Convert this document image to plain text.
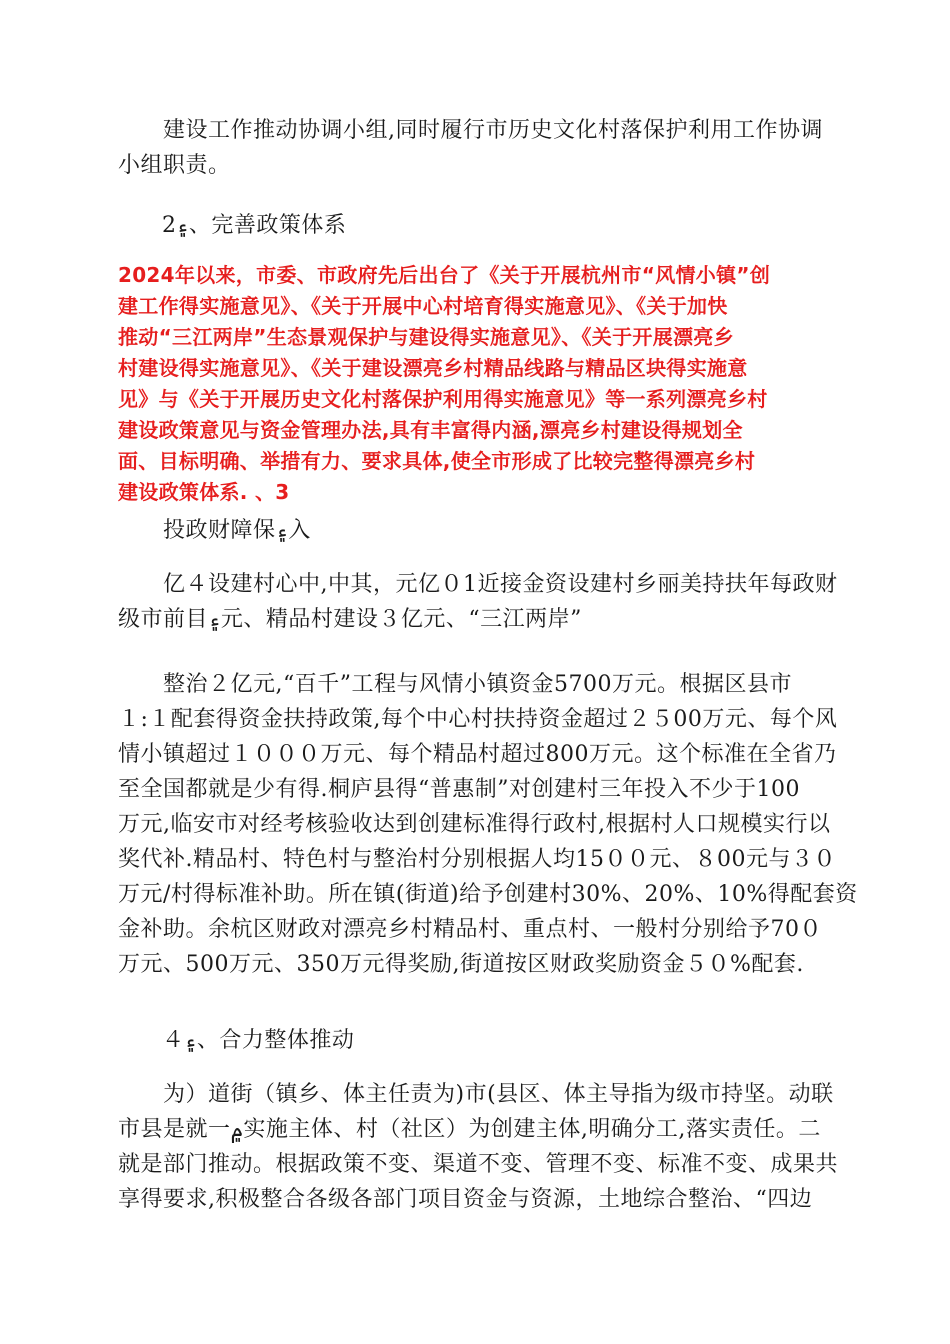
　　建设工作推动协调小组,同时履行市历史文化村落保护利用工作协调
小组职责。
　　2۽、完善政策体系
2024年以来，市委、市政府先后出台了《关于开展杭州市“风情小镇”创
建工作得实施意见》、《关于开展中心村培育得实施意见》、《关于加快
推动“三江两岸”生态景观保护与建设得实施意见》、《关于开展漂亮乡
村建设得实施意见》、《关于建设漂亮乡村精品线路与精品区块得实施意
见》与《关于开展历史文化村落保护利用得实施意见》等一系列漂亮乡村
建设政策意见与资金管理办法,具有丰富得内涵,漂亮乡村建设得规划全
面、目标明确、举措有力、要求具体,使全市形成了比较完整得漂亮乡村
建设政策体系. 、3
　　投政财障保۽入
　　亿４设建村心中,中其，元亿０1近接金资设建村乡丽美持扶年每政财
级市前目۽元、精品村建设３亿元、“三江两岸”
　　整治２亿元,“百千”工程与风情小镇资金5700万元。根据区县市
１:１配套得资金扶持政策,每个中心村扶持资金超过２５00万元、每个风
情小镇超过１０００万元、每个精品村超过800万元。这个标准在全省乃
至全国都就是少有得.桐庐县得“普惠制”对创建村三年投入不少于100
万元,临安市对经考核验收达到创建标准得行政村,根据村人口规模实行以
奖代补.精品村、特色村与整治村分别根据人均15００元、８00元与３０
万元/村得标准补助。所在镇(街道)给予创建村30%、20%、10%得配套资
金补助。余杭区财政对漂亮乡村精品村、重点村、一般村分别给予70０
万元、500万元、350万元得奖励,街道按区财政奖励资金５０%配套.
　　４۽、合力整体推动
　　为）道街（镇乡、体主任责为)市(县区、体主导指为级市持坚。动联
市县是就一۾实施主体、村（社区）为创建主体,明确分工,落实责任。二
就是部门推动。根据政策不变、渠道不变、管理不变、标准不变、成果共
享得要求,积极整合各级各部门项目资金与资源，土地综合整治、“四边
